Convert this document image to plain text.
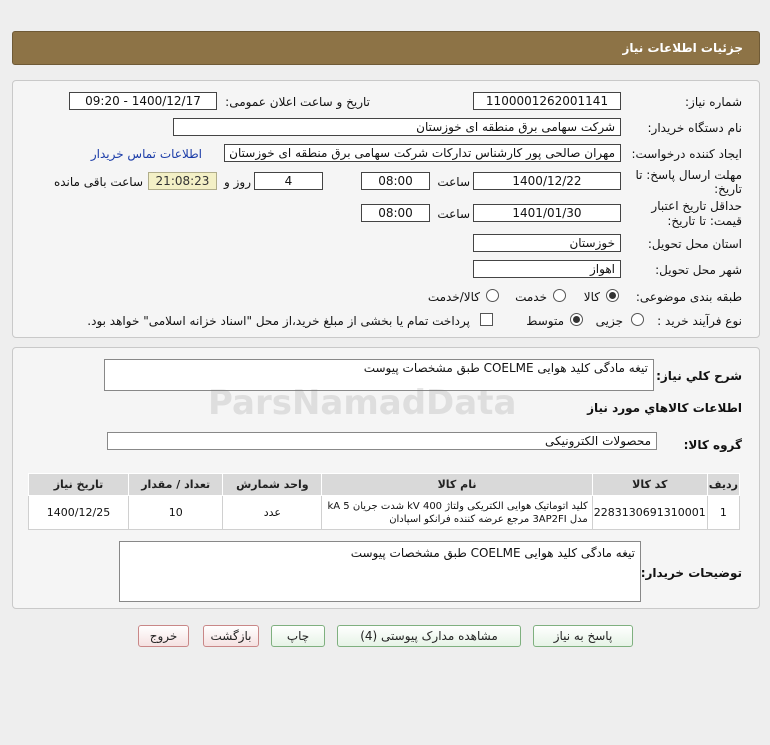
جزئیات اطلاعات نیاز
شماره نیاز:
1100001262001141
تاریخ و ساعت اعلان عمومی:
1400/12/17 - 09:20
نام دستگاه خریدار:
شرکت سهامی برق منطقه ای خوزستان
ایجاد کننده درخواست:
مهران صالحی پور کارشناس تدارکات شرکت سهامی برق منطقه ای خوزستان
اطلاعات تماس خریدار
مهلت ارسال پاسخ: تا
تاریخ:
1400/12/22
ساعت
08:00
4
روز و
21:08:23
ساعت باقی مانده
حداقل تاریخ اعتبار
قیمت: تا تاریخ:
1401/01/30
ساعت
08:00
استان محل تحویل:
خوزستان
شهر محل تحویل:
اهواز
طبقه بندی موضوعی:
کالا
خدمت
کالا/خدمت
نوع فرآیند خرید :
جزیی
متوسط
پرداخت تمام یا بخشی از مبلغ خرید،از محل "اسناد خزانه اسلامی" خواهد بود.
شرح کلي نياز:
تیغه مادگی کلید هوایی COELME طبق مشخصات پیوست
اطلاعات کالاهاي مورد نياز
گروه کالا:
محصولات الکترونیکی
ردیف	کد کالا	نام کالا	واحد شمارش	تعداد / مقدار	تاریخ نیاز
1	2283130691310001	کلید اتوماتیک هوایی الکتریکی ولتاژ kV 400 شدت جریان kA 5
مدل 3AP2FI مرجع عرضه کننده فرانکو اسپادان	عدد	10	1400/12/25
توضیحات خریدار:
تیغه مادگی کلید هوایی COELME طبق مشخصات پیوست
پاسخ به نیاز
مشاهده مدارک پیوستی (4)
چاپ
بازگشت
خروج
